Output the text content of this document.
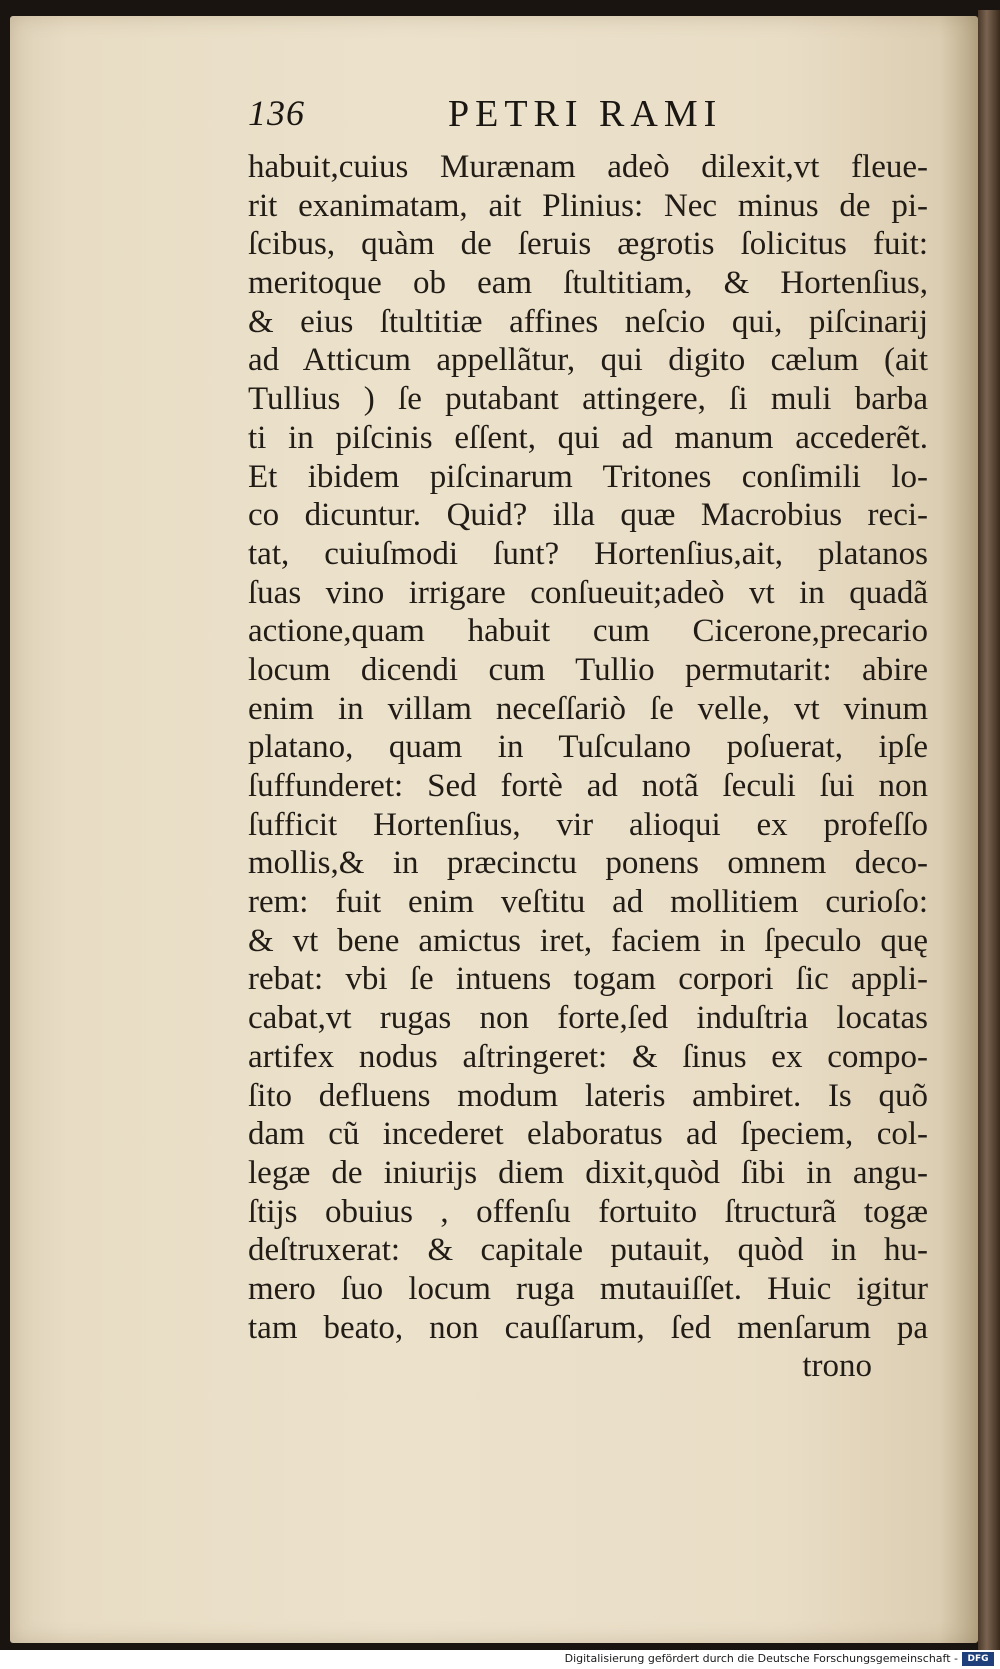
136	PETRI RAMI
habuit,cuius Murænam adeò dilexit,vt fleue-
rit exanimatam, ait Plinius: Nec minus de pi-
ſcibus, quàm de ſeruis ægrotis ſolicitus fuit:
meritoque ob eam ſtultitiam, & Hortenſius,
& eius ſtultitiæ affines neſcio qui, piſcinarij
ad Atticum appellãtur, qui digito cælum (ait
Tullius ) ſe putabant attingere, ſi muli barba
ti in piſcinis eſſent, qui ad manum accederẽt.
Et ibidem piſcinarum Tritones conſimili lo-
co dicuntur. Quid? illa quæ Macrobius reci-
tat, cuiuſmodi ſunt? Hortenſius,ait, platanos
ſuas vino irrigare conſueuit;adeò vt in quadã
actione,quam habuit cum Cicerone,precario
locum dicendi cum Tullio permutarit: abire
enim in villam neceſſariò ſe velle, vt vinum
platano, quam in Tuſculano poſuerat, ipſe
ſuffunderet: Sed fortè ad notã ſeculi ſui non
ſufficit Hortenſius, vir alioqui ex profeſſo
mollis,& in præcinctu ponens omnem deco-
rem: fuit enim veſtitu ad mollitiem curioſo:
& vt bene amictus iret, faciem in ſpeculo quę
rebat: vbi ſe intuens togam corpori ſic appli-
cabat,vt rugas non forte,ſed induſtria locatas
artifex nodus aſtringeret: & ſinus ex compo-
ſito defluens modum lateris ambiret. Is quõ
dam cũ incederet elaboratus ad ſpeciem, col-
legæ de iniurijs diem dixit,quòd ſibi in angu-
ſtijs obuius , offenſu fortuito ſtructurã togæ
deſtruxerat: & capitale putauit, quòd in hu-
mero ſuo locum ruga mutauiſſet. Huic igitur
tam beato, non cauſſarum, ſed menſarum pa
trono
Digitalisierung gefördert durch die Deutsche Forschungsgemeinschaft -	DFG
